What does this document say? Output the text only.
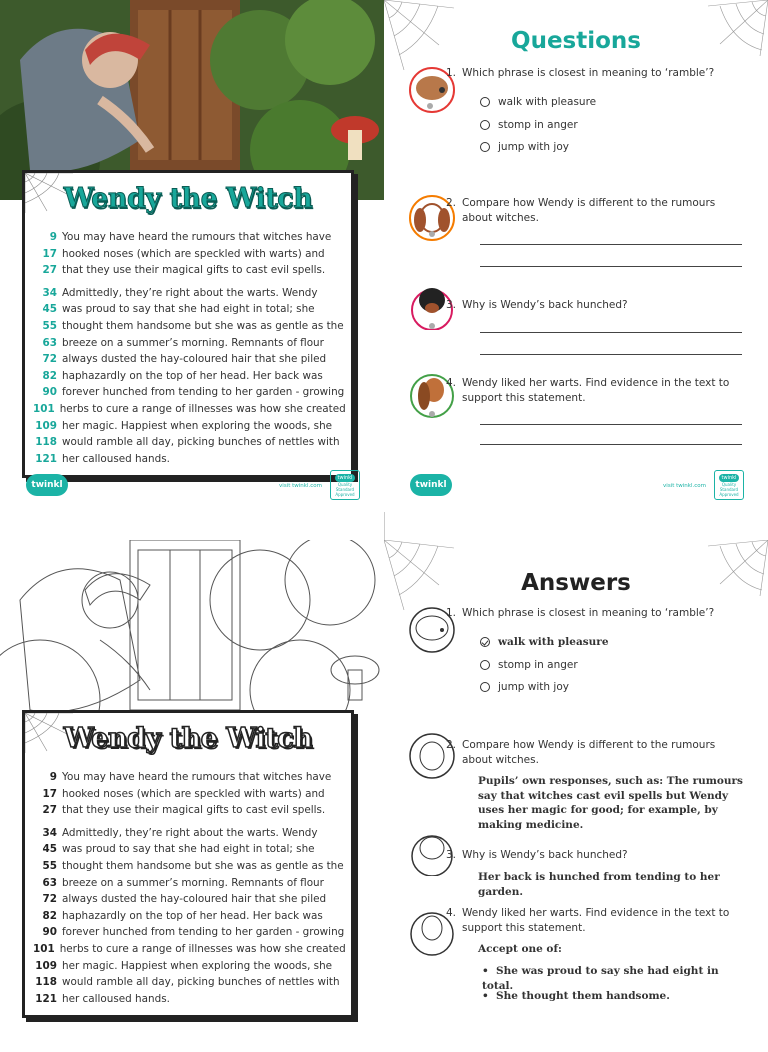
Wendy the Witch
9 You may have heard the rumours that witches have
17 hooked noses (which are speckled with warts) and
27 that they use their magical gifts to cast evil spells.
34 Admittedly, they’re right about the warts. Wendy
45 was proud to say that she had eight in total; she
55 thought them handsome but she was as gentle as the
63 breeze on a summer’s morning. Remnants of flour
72 always dusted the hay-coloured hair that she piled
82 haphazardly on the top of her head. Her back was
90 forever hunched from tending to her garden - growing
101 herbs to cure a range of illnesses was how she created
109 her magic. Happiest when exploring the woods, she
118 would ramble all day, picking bunches of nettles with
121 her calloused hands.
twinkl	visit twinkl.com
twinkl
Quality Standard Approved
Questions
1. Which phrase is closest in meaning to ‘ramble’?
walk with pleasure
stomp in anger
jump with joy
2. Compare how Wendy is different to the rumours about witches.
3. Why is Wendy’s back hunched?
4. Wendy liked her warts. Find evidence in the text to support this statement.
twinkl	visit twinkl.com
twinkl
Quality Standard Approved
Wendy the Witch
9 You may have heard the rumours that witches have
17 hooked noses (which are speckled with warts) and
27 that they use their magical gifts to cast evil spells.
34 Admittedly, they’re right about the warts. Wendy
45 was proud to say that she had eight in total; she
55 thought them handsome but she was as gentle as the
63 breeze on a summer’s morning. Remnants of flour
72 always dusted the hay-coloured hair that she piled
82 haphazardly on the top of her head. Her back was
90 forever hunched from tending to her garden - growing
101 herbs to cure a range of illnesses was how she created
109 her magic. Happiest when exploring the woods, she
118 would ramble all day, picking bunches of nettles with
121 her calloused hands.
Answers
1. Which phrase is closest in meaning to ‘ramble’?
walk with pleasure
stomp in anger
jump with joy
2. Compare how Wendy is different to the rumours about witches.
Pupils’ own responses, such as: The rumours say that witches cast evil spells but Wendy uses her magic for good; for example, by making medicine.
3. Why is Wendy’s back hunched?
Her back is hunched from tending to her garden.
4. Wendy liked her warts. Find evidence in the text to support this statement.
Accept one of:
•  She was proud to say she had eight in total.
•  She thought them handsome.
